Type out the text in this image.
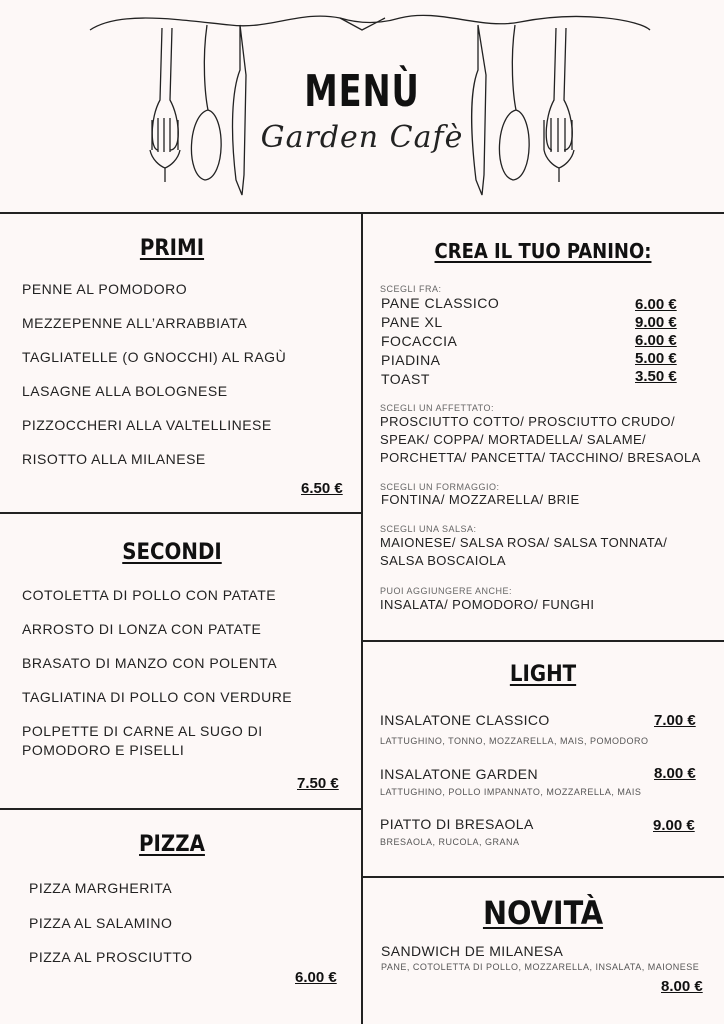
MENÙ
Garden Cafè
PRIMI
PENNE AL POMODORO
MEZZEPENNE ALL’ARRABBIATA
TAGLIATELLE (O GNOCCHI) AL RAGÙ
LASAGNE ALLA BOLOGNESE
PIZZOCCHERI ALLA VALTELLINESE
RISOTTO ALLA MILANESE
6.50 €
SECONDI
COTOLETTA DI POLLO CON PATATE
ARROSTO DI LONZA CON PATATE
BRASATO DI MANZO CON POLENTA
TAGLIATINA DI POLLO CON VERDURE
POLPETTE DI CARNE AL SUGO DI
POMODORO E PISELLI
7.50 €
PIZZA
PIZZA MARGHERITA
PIZZA AL SALAMINO
PIZZA AL PROSCIUTTO
6.00 €
CREA IL TUO PANINO:
SCEGLI FRA:
PANE CLASSICO	6.00 €
PANE XL	9.00 €
FOCACCIA	6.00 €
PIADINA	5.00 €
TOAST	3.50 €
SCEGLI UN AFFETTATO:
PROSCIUTTO COTTO/ PROSCIUTTO CRUDO/
SPEAK/ COPPA/ MORTADELLA/ SALAME/
PORCHETTA/ PANCETTA/ TACCHINO/ BRESAOLA
SCEGLI UN FORMAGGIO:
FONTINA/ MOZZARELLA/ BRIE
SCEGLI UNA SALSA:
MAIONESE/ SALSA ROSA/ SALSA TONNATA/
SALSA BOSCAIOLA
PUOI AGGIUNGERE ANCHE:
INSALATA/ POMODORO/ FUNGHI
LIGHT
INSALATONE CLASSICO	7.00 €
LATTUGHINO, TONNO, MOZZARELLA, MAIS, POMODORO
INSALATONE GARDEN	8.00 €
LATTUGHINO, POLLO IMPANNATO, MOZZARELLA, MAIS
PIATTO DI BRESAOLA	9.00 €
BRESAOLA, RUCOLA, GRANA
NOVITÀ
SANDWICH DE MILANESA
PANE, COTOLETTA DI POLLO, MOZZARELLA, INSALATA, MAIONESE
8.00 €
